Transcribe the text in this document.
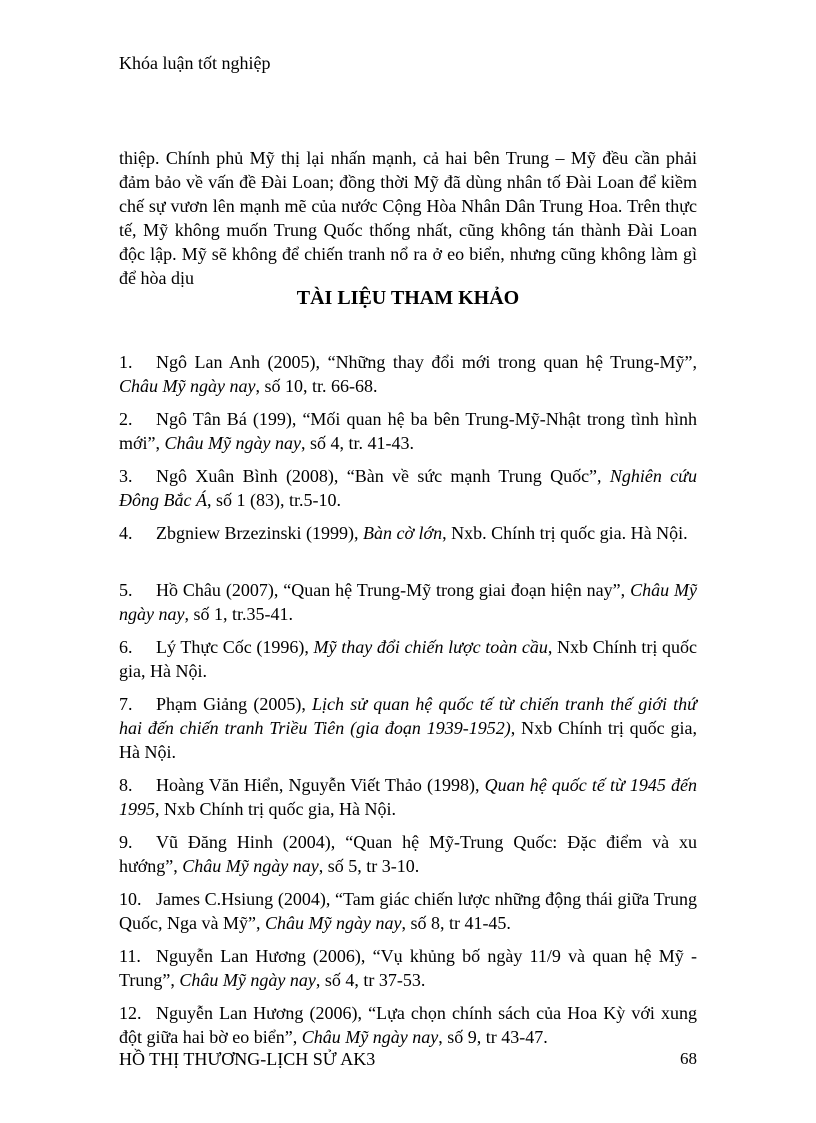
Khóa luận tốt nghiệp

thiệp. Chính phủ Mỹ thị lại nhấn mạnh, cả hai bên Trung – Mỹ đều cần phải đảm bảo về vấn đề Đài Loan; đồng thời Mỹ đã dùng nhân tố Đài Loan để kiềm chế sự vươn lên mạnh mẽ của nước Cộng Hòa Nhân Dân Trung Hoa. Trên thực tế, Mỹ không muốn Trung Quốc thống nhất, cũng không tán thành Đài Loan độc lập. Mỹ sẽ không để chiến tranh nổ ra ở eo biển, nhưng cũng không làm gì để hòa dịu

TÀI LIỆU THAM KHẢO
1. Ngô Lan Anh (2005), “Những thay đổi mới trong quan hệ Trung-Mỹ”, Châu Mỹ ngày nay, số 10, tr. 66-68.
2. Ngô Tân Bá (199), “Mối quan hệ ba bên Trung-Mỹ-Nhật trong tình hình mới”, Châu Mỹ ngày nay, số 4, tr. 41-43.
3. Ngô Xuân Bình (2008), “Bàn về sức mạnh Trung Quốc”, Nghiên cứu Đông Bắc Á, số 1 (83), tr.5-10.
4. Zbgniew Brzezinski (1999), Bàn cờ lớn, Nxb. Chính trị quốc gia. Hà Nội.
5. Hồ Châu (2007), “Quan hệ Trung-Mỹ trong giai đoạn hiện nay”, Châu Mỹ ngày nay, số 1, tr.35-41.
6. Lý Thực Cốc (1996), Mỹ thay đổi chiến lược toàn cầu, Nxb Chính trị quốc gia, Hà Nội.
7. Phạm Giảng (2005), Lịch sử quan hệ quốc tế từ chiến tranh thế giới thứ hai đến chiến tranh Triều Tiên (gia đoạn 1939-1952), Nxb Chính trị quốc gia, Hà Nội.
8. Hoàng Văn Hiển, Nguyễn Viết Thảo (1998), Quan hệ quốc tế từ 1945 đến 1995, Nxb Chính trị quốc gia, Hà Nội.
9. Vũ Đăng Hinh (2004), “Quan hệ Mỹ-Trung Quốc: Đặc điểm và xu hướng”, Châu Mỹ ngày nay, số 5, tr 3-10.
10. James C.Hsiung (2004), “Tam giác chiến lược những động thái giữa Trung Quốc, Nga và Mỹ”, Châu Mỹ ngày nay, số 8, tr 41-45.
11. Nguyễn Lan Hương (2006), “Vụ khủng bố ngày 11/9 và quan hệ Mỹ - Trung”, Châu Mỹ ngày nay, số 4, tr 37-53.
12. Nguyễn Lan Hương (2006), “Lựa chọn chính sách của Hoa Kỳ với xung đột giữa hai bờ eo biển”, Châu Mỹ ngày nay, số 9, tr 43-47.
HỒ THỊ THƯƠNG-LỊCH SỬ AK3	68
